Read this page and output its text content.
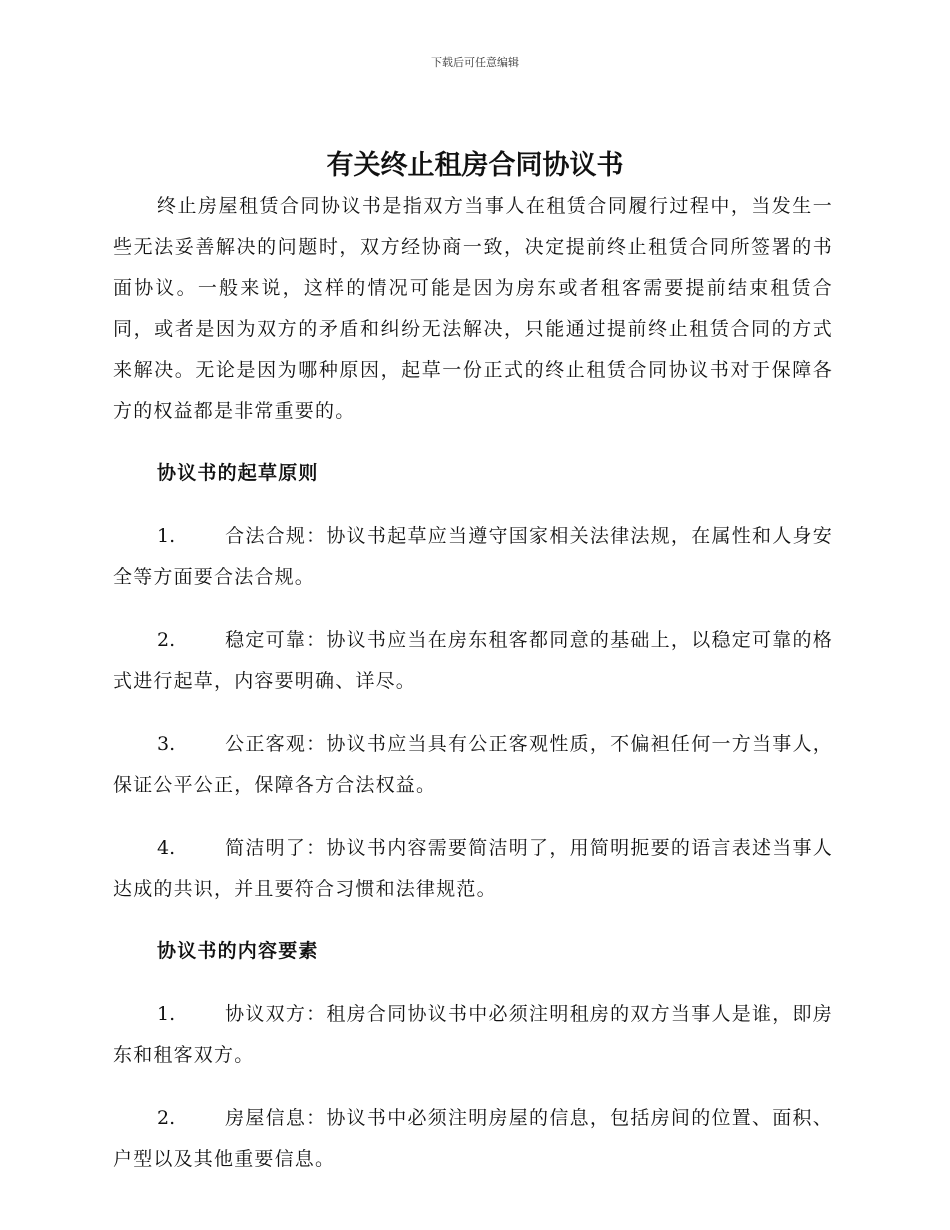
下载后可任意编辑
有关终止租房合同协议书

终止房屋租赁合同协议书是指双方当事人在租赁合同履行过程中，当发生一些无法妥善解决的问题时，双方经协商一致，决定提前终止租赁合同所签署的书面协议。一般来说，这样的情况可能是因为房东或者租客需要提前结束租赁合同，或者是因为双方的矛盾和纠纷无法解决，只能通过提前终止租赁合同的方式来解决。无论是因为哪种原因，起草一份正式的终止租赁合同协议书对于保障各方的权益都是非常重要的。

协议书的起草原则

1.	合法合规：协议书起草应当遵守国家相关法律法规，在属性和人身安全等方面要合法合规。

2.	稳定可靠：协议书应当在房东租客都同意的基础上，以稳定可靠的格式进行起草，内容要明确、详尽。

3.	公正客观：协议书应当具有公正客观性质，不偏袒任何一方当事人，保证公平公正，保障各方合法权益。

4.	简洁明了：协议书内容需要简洁明了，用简明扼要的语言表述当事人达成的共识，并且要符合习惯和法律规范。

协议书的内容要素

1.	协议双方：租房合同协议书中必须注明租房的双方当事人是谁，即房东和租客双方。

2.	房屋信息：协议书中必须注明房屋的信息，包括房间的位置、面积、户型以及其他重要信息。
